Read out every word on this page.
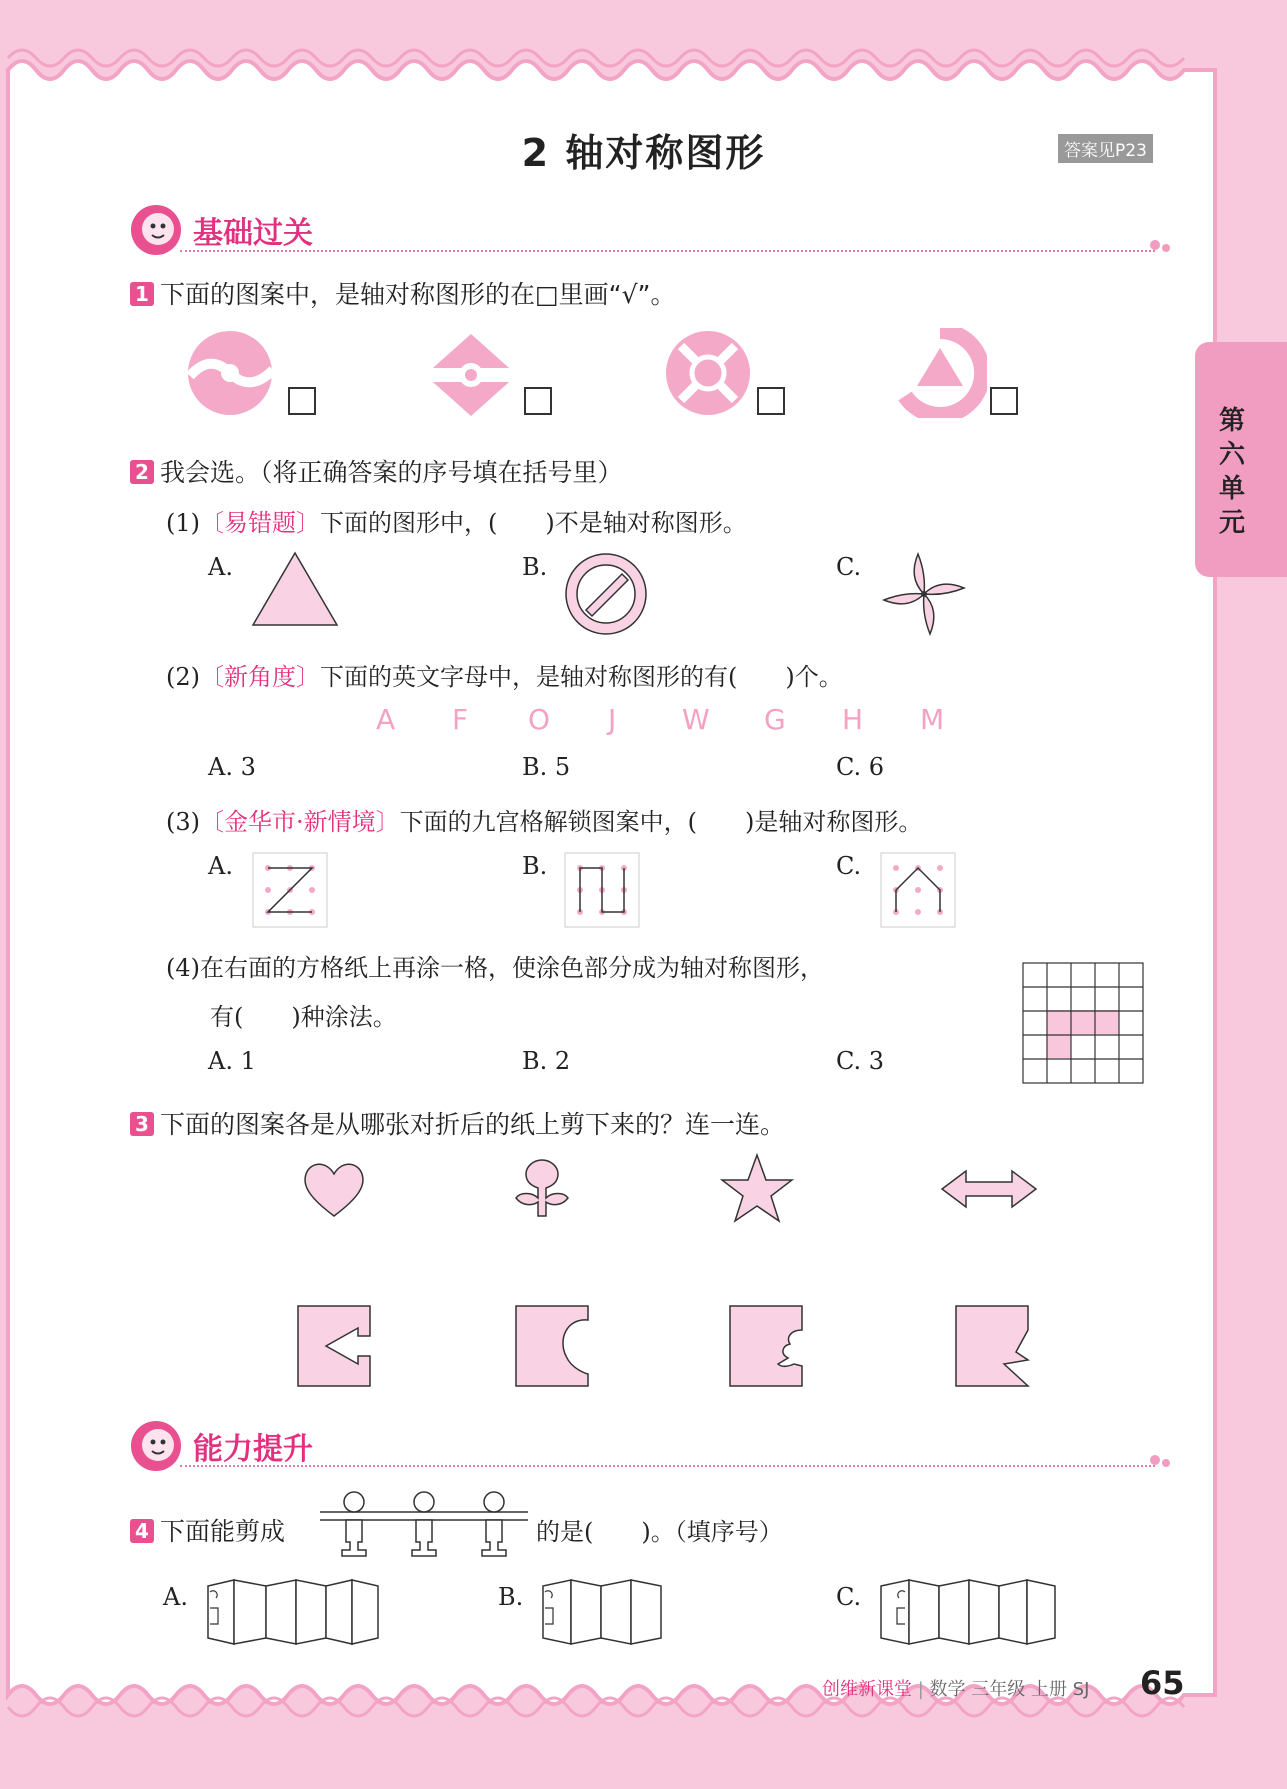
2 轴对称图形	答案见P23
第六单元
基础过关
1 下面的图案中，是轴对称图形的在□里画“√”。
2 我会选。（将正确答案的序号填在括号里）
(1)〔易错题〕下面的图形中，(　　)不是轴对称图形。
A.	B.	C.
(2)〔新角度〕下面的英文字母中，是轴对称图形的有(　　)个。
A F O J W G H M
A. 3	B. 5	C. 6
(3)〔金华市·新情境〕下面的九宫格解锁图案中，(　　)是轴对称图形。
A.	B.	C.
(4)在右面的方格纸上再涂一格，使涂色部分成为轴对称图形，
有(　　)种涂法。
A. 1	B. 2	C. 3
3 下面的图案各是从哪张对折后的纸上剪下来的？连一连。
能力提升
4 下面能剪成	的是(　　)。（填序号）
A.	B.	C.
创维新课堂 | 数学 三年级 上册 SJ 65
